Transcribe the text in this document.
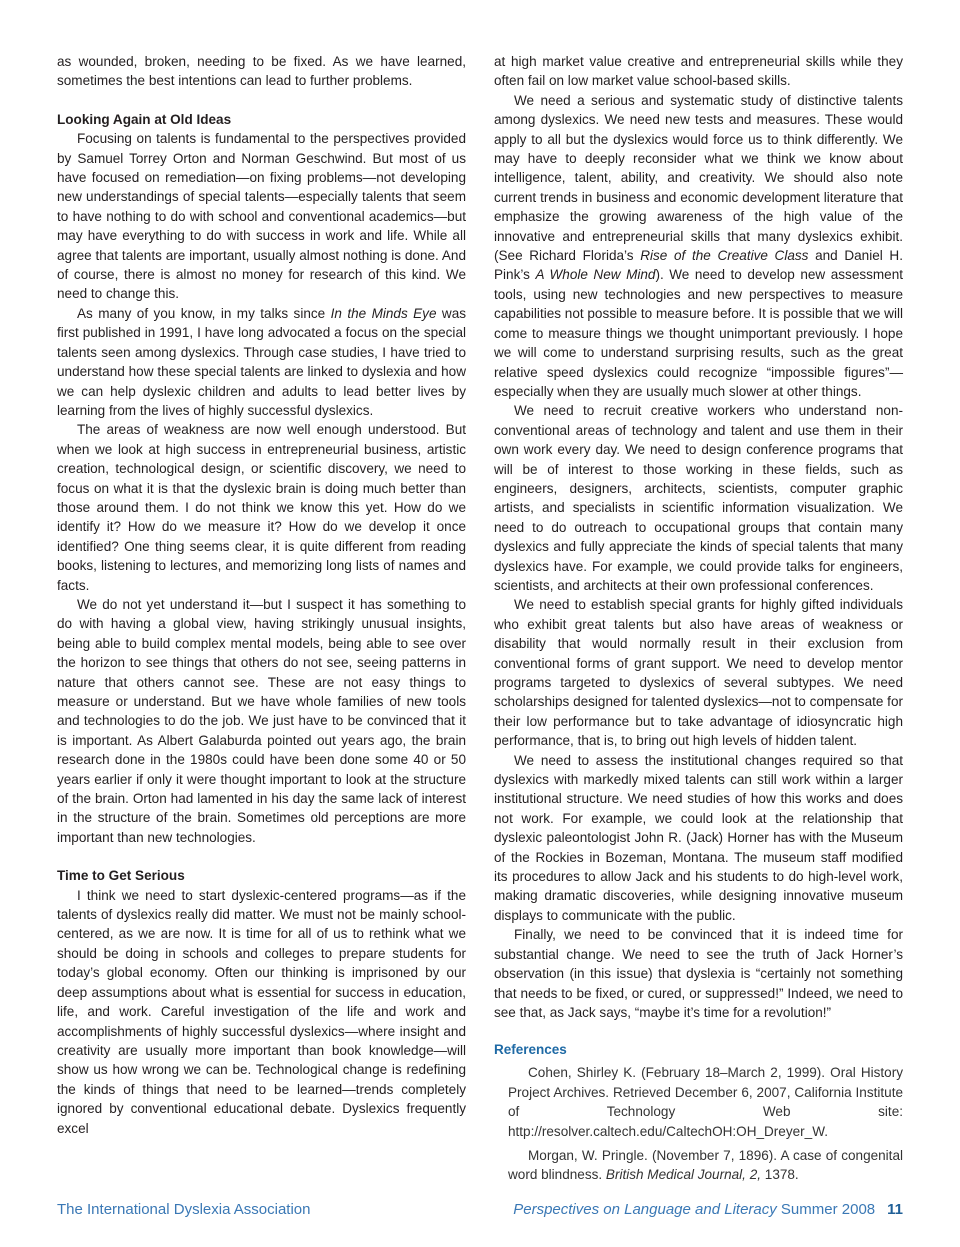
as wounded, broken, needing to be fixed. As we have learned, sometimes the best intentions can lead to further problems.

Looking Again at Old Ideas

Focusing on talents is fundamental to the perspectives provided by Samuel Torrey Orton and Norman Geschwind. But most of us have focused on remediation—on fixing problems—not developing new understandings of special talents—especially talents that seem to have nothing to do with school and conventional academics—but may have everything to do with success in work and life. While all agree that talents are important, usually almost nothing is done. And of course, there is almost no money for research of this kind. We need to change this.

As many of you know, in my talks since In the Minds Eye was first published in 1991, I have long advocated a focus on the special talents seen among dyslexics. Through case studies, I have tried to understand how these special talents are linked to dyslexia and how we can help dyslexic children and adults to lead better lives by learning from the lives of highly successful dyslexics.

The areas of weakness are now well enough understood. But when we look at high success in entrepreneurial business, artistic creation, technological design, or scientific discovery, we need to focus on what it is that the dyslexic brain is doing much better than those around them. I do not think we know this yet. How do we identify it? How do we measure it? How do we develop it once identified? One thing seems clear, it is quite different from reading books, listening to lectures, and memorizing long lists of names and facts.

We do not yet understand it—but I suspect it has something to do with having a global view, having strikingly unusual insights, being able to build complex mental models, being able to see over the horizon to see things that others do not see, seeing patterns in nature that others cannot see. These are not easy things to measure or understand. But we have whole families of new tools and technologies to do the job. We just have to be convinced that it is important. As Albert Galaburda pointed out years ago, the brain research done in the 1980s could have been done some 40 or 50 years earlier if only it were thought important to look at the structure of the brain. Orton had lamented in his day the same lack of interest in the structure of the brain. Sometimes old perceptions are more important than new technologies.

Time to Get Serious

I think we need to start dyslexic-centered programs—as if the talents of dyslexics really did matter. We must not be mainly school-centered, as we are now. It is time for all of us to rethink what we should be doing in schools and colleges to prepare students for today’s global economy. Often our thinking is imprisoned by our deep assumptions about what is essential for success in education, life, and work. Careful investigation of the life and work and accomplishments of highly successful dyslexics—where insight and creativity are usually more important than book knowledge—will show us how wrong we can be. Technological change is redefining the kinds of things that need to be learned—trends completely ignored by conventional educational debate. Dyslexics frequently excel

at high market value creative and entrepreneurial skills while they often fail on low market value school-based skills.

We need a serious and systematic study of distinctive talents among dyslexics. We need new tests and measures. These would apply to all but the dyslexics would force us to think differently. We may have to deeply reconsider what we think we know about intelligence, talent, ability, and creativity. We should also note current trends in business and economic development literature that emphasize the growing awareness of the high value of the innovative and entrepreneurial skills that many dyslexics exhibit. (See Richard Florida’s Rise of the Creative Class and Daniel H. Pink’s A Whole New Mind). We need to develop new assessment tools, using new technologies and new perspectives to measure capabilities not possible to measure before. It is possible that we will come to measure things we thought unimportant previously. I hope we will come to understand surprising results, such as the great relative speed dyslexics could recognize “impossible figures”—especially when they are usually much slower at other things.

We need to recruit creative workers who understand non-conventional areas of technology and talent and use them in their own work every day. We need to design conference programs that will be of interest to those working in these fields, such as engineers, designers, architects, scientists, computer graphic artists, and specialists in scientific information visualization. We need to do outreach to occupational groups that contain many dyslexics and fully appreciate the kinds of special talents that many dyslexics have. For example, we could provide talks for engineers, scientists, and architects at their own professional conferences.

We need to establish special grants for highly gifted individuals who exhibit great talents but also have areas of weakness or disability that would normally result in their exclusion from conventional forms of grant support. We need to develop mentor programs targeted to dyslexics of several subtypes. We need scholarships designed for talented dyslexics—not to compensate for their low performance but to take advantage of idiosyncratic high performance, that is, to bring out high levels of hidden talent.

We need to assess the institutional changes required so that dyslexics with markedly mixed talents can still work within a larger institutional structure. We need studies of how this works and does not work. For example, we could look at the relationship that dyslexic paleontologist John R. (Jack) Horner has with the Museum of the Rockies in Bozeman, Montana. The museum staff modified its procedures to allow Jack and his students to do high-level work, making dramatic discoveries, while designing innovative museum displays to communicate with the public.

Finally, we need to be convinced that it is indeed time for substantial change. We need to see the truth of Jack Horner’s observation (in this issue) that dyslexia is “certainly not something that needs to be fixed, or cured, or suppressed!” Indeed, we need to see that, as Jack says, “maybe it’s time for a revolution!”

References

Cohen, Shirley K. (February 18–March 2, 1999). Oral History Project Archives. Retrieved December 6, 2007, California Institute of Technology Web site: http://resolver.caltech.edu/CaltechOH:OH_Dreyer_W.

Morgan, W. Pringle. (November 7, 1896). A case of congenital word blindness. British Medical Journal, 2, 1378.

The International Dyslexia Association	Perspectives on Language and Literacy Summer 2008 11
